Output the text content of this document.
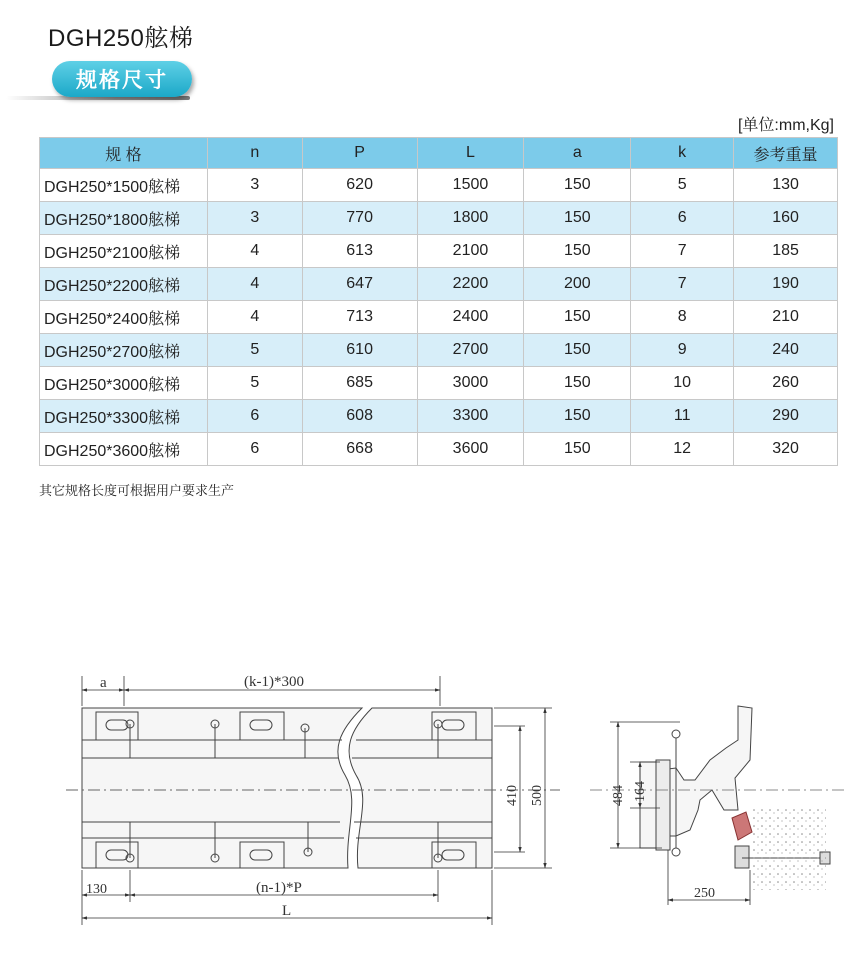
DGH250舷梯
规格尺寸
[单位:mm,Kg]
规 格	n	P	L	a	k	参考重量
DGH250*1500舷梯	3	620	1500	150	5	130
DGH250*1800舷梯	3	770	1800	150	6	160
DGH250*2100舷梯	4	613	2100	150	7	185
DGH250*2200舷梯	4	647	2200	200	7	190
DGH250*2400舷梯	4	713	2400	150	8	210
DGH250*2700舷梯	5	610	2700	150	9	240
DGH250*3000舷梯	5	685	3000	150	10	260
DGH250*3300舷梯	6	608	3300	150	11	290
DGH250*3600舷梯	6	668	3600	150	12	320
其它规格长度可根据用户要求生产
a	(k-1)*300
410 500
130	(n-1)*P
L
484 164
250
